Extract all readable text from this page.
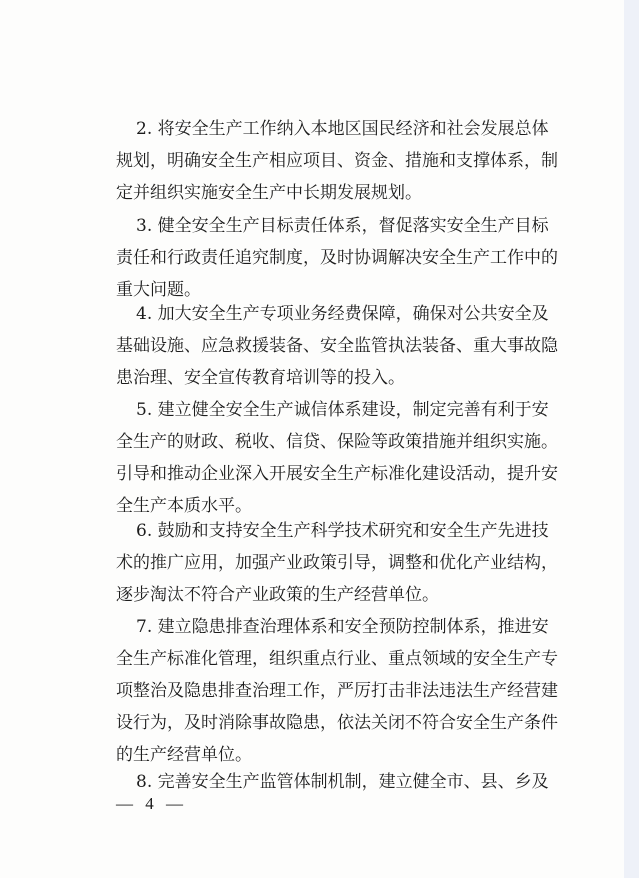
— 4 —
2. 将安全生产工作纳入本地区国民经济和社会发展总体
规划，明确安全生产相应项目、资金、措施和支撑体系，制
定并组织实施安全生产中长期发展规划。
3. 健全安全生产目标责任体系，督促落实安全生产目标
责任和行政责任追究制度，及时协调解决安全生产工作中的
重大问题。
4. 加大安全生产专项业务经费保障，确保对公共安全及
基础设施、应急救援装备、安全监管执法装备、重大事故隐
患治理、安全宣传教育培训等的投入。
5. 建立健全安全生产诚信体系建设，制定完善有利于安
全生产的财政、税收、信贷、保险等政策措施并组织实施。
引导和推动企业深入开展安全生产标准化建设活动，提升安
全生产本质水平。
6. 鼓励和支持安全生产科学技术研究和安全生产先进技
术的推广应用，加强产业政策引导，调整和优化产业结构，
逐步淘汰不符合产业政策的生产经营单位。
7. 建立隐患排查治理体系和安全预防控制体系，推进安
全生产标准化管理，组织重点行业、重点领域的安全生产专
项整治及隐患排查治理工作，严厉打击非法违法生产经营建
设行为，及时消除事故隐患，依法关闭不符合安全生产条件
的生产经营单位。
8. 完善安全生产监管体制机制，建立健全市、县、乡及
